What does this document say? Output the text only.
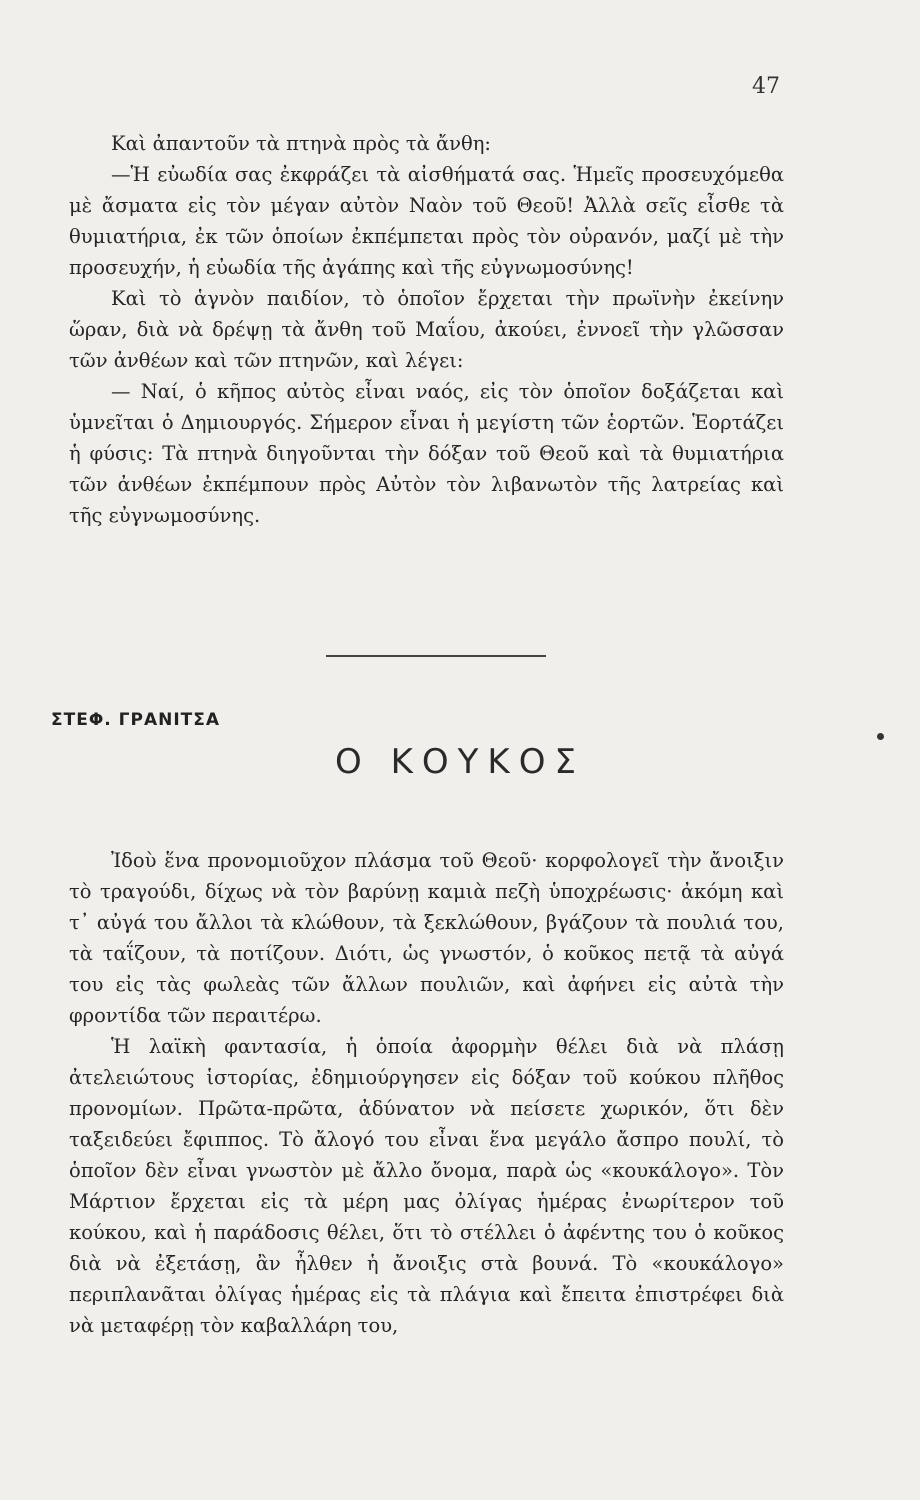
47

Καὶ ἀπαντοῦν τὰ πτηνὰ πρὸς τὰ ἄνθη:

—Ἡ εὐωδία σας ἐκφράζει τὰ αἰσθήματά σας. Ἡμεῖς προσευχόμεθα μὲ ἄσματα εἰς τὸν μέγαν αὐτὸν Ναὸν τοῦ Θεοῦ! Ἀλλὰ σεῖς εἶσθε τὰ θυμιατήρια, ἐκ τῶν ὁποίων ἐκπέμπεται πρὸς τὸν οὐρανόν, μαζί μὲ τὴν προσευχήν, ἡ εὐωδία τῆς ἀγάπης καὶ τῆς εὐγνωμοσύνης!

Καὶ τὸ ἁγνὸν παιδίον, τὸ ὁποῖον ἔρχεται τὴν πρωϊνὴν ἐκείνην ὥραν, διὰ νὰ δρέψῃ τὰ ἄνθη τοῦ Μαΐου, ἀκούει, ἐννοεῖ τὴν γλῶσσαν τῶν ἀνθέων καὶ τῶν πτηνῶν, καὶ λέγει:

— Ναί, ὁ κῆπος αὐτὸς εἶναι ναός, εἰς τὸν ὁποῖον δοξάζεται καὶ ὑμνεῖται ὁ Δημιουργός. Σήμερον εἶναι ἡ μεγίστη τῶν ἑορτῶν. Ἑορτάζει ἡ φύσις: Τὰ πτηνὰ διηγοῦνται τὴν δόξαν τοῦ Θεοῦ καὶ τὰ θυμιατήρια τῶν ἀνθέων ἐκπέμπουν πρὸς Αὐτὸν τὸν λιβανωτὸν τῆς λατρείας καὶ τῆς εὐγνωμοσύνης.

ΣΤΕΦ. ΓΡΑΝΙΤΣΑ
Ο ΚΟΥΚΟΣ

Ἰδοὺ ἕνα προνομιοῦχον πλάσμα τοῦ Θεοῦ· κορφολογεῖ τὴν ἄνοιξιν τὸ τραγούδι, δίχως νὰ τὸν βαρύνῃ καμιὰ πεζὴ ὑποχρέωσις· ἀκόμη καὶ τ᾿ αὐγά του ἄλλοι τὰ κλώθουν, τὰ ξεκλώθουν, βγάζουν τὰ πουλιά του, τὰ ταΐζουν, τὰ ποτίζουν. Διότι, ὡς γνωστόν, ὁ κοῦκος πετᾷ τὰ αὐγά του εἰς τὰς φωλεὰς τῶν ἄλλων πουλιῶν, καὶ ἀφήνει εἰς αὐτὰ τὴν φροντίδα τῶν περαιτέρω.

Ἡ λαϊκὴ φαντασία, ἡ ὁποία ἀφορμὴν θέλει διὰ νὰ πλάσῃ ἀτελειώτους ἱστορίας, ἐδημιούργησεν εἰς δόξαν τοῦ κούκου πλῆθος προνομίων. Πρῶτα-πρῶτα, ἀδύνατον νὰ πείσετε χωρικόν, ὅτι δὲν ταξειδεύει ἔφιππος. Τὸ ἄλογό του εἶναι ἕνα μεγάλο ἄσπρο πουλί, τὸ ὁποῖον δὲν εἶναι γνωστὸν μὲ ἄλλο ὄνομα, παρὰ ὡς «κουκάλογο». Τὸν Μάρτιον ἔρχεται εἰς τὰ μέρη μας ὀλίγας ἡμέρας ἐνωρίτερον τοῦ κούκου, καὶ ἡ παράδοσις θέλει, ὅτι τὸ στέλλει ὁ ἀφέντης του ὁ κοῦκος διὰ νὰ ἐξετάσῃ, ἂν ἦλθεν ἡ ἄνοιξις στὰ βουνά. Τὸ «κουκάλογο» περιπλανᾶται ὀλίγας ἡμέρας εἰς τὰ πλάγια καὶ ἔπειτα ἐπιστρέφει διὰ νὰ μεταφέρῃ τὸν καβαλλάρη του,
